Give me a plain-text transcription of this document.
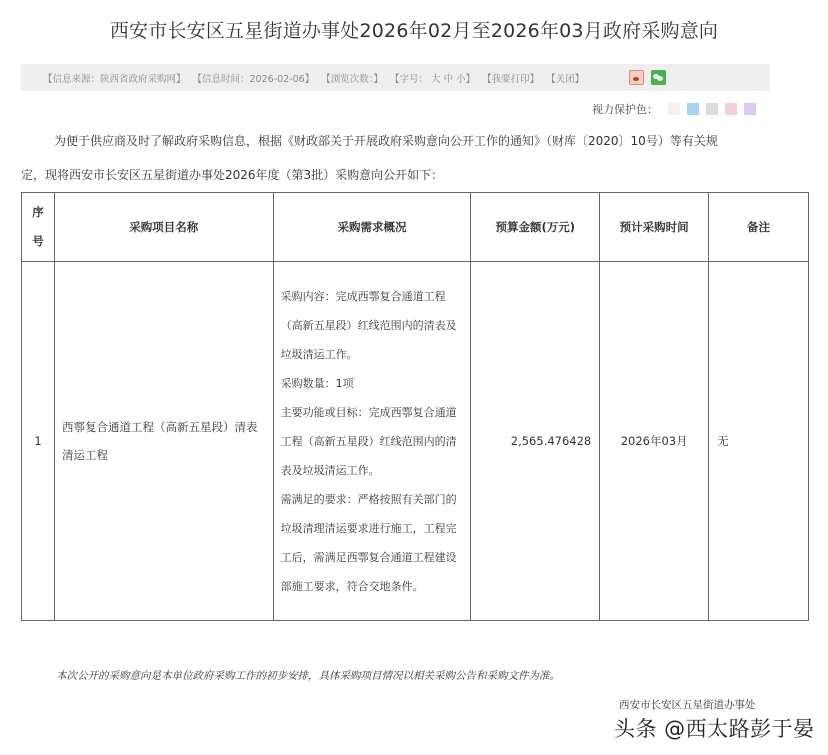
西安市长安区五星街道办事处2026年02月至2026年03月政府采购意向
【信息来源：陕西省政府采购网】 【信息时间：2026-02-06】 【浏览次数：】 【字号： 大 中 小】 【我要打印】 【关闭】
视力保护色：
为便于供应商及时了解政府采购信息，根据《财政部关于开展政府采购意向公开工作的通知》（财库〔2020〕10号）等有关规
定，现将西安市长安区五星街道办事处2026年度（第3批）采购意向公开如下：
序
号	采购项目名称	采购需求概况	预算金额(万元)	预计采购时间	备注
1	西鄠复合通道工程（高新五星段）清表清运工程	采购内容：完成西鄠复合通道工程（高新五星段）红线范围内的清表及垃圾清运工作。
采购数量：1项
主要功能或目标：完成西鄠复合通道工程（高新五星段）红线范围内的清表及垃圾清运工作。
需满足的要求：严格按照有关部门的垃圾清理清运要求进行施工，工程完工后，需满足西鄠复合通道工程建设部施工要求，符合交地条件。	2,565.476428	2026年03月	无
本次公开的采购意向是本单位政府采购工作的初步安排，具体采购项目情况以相关采购公告和采购文件为准。
西安市长安区五星街道办事处
头条 @西太路彭于晏
